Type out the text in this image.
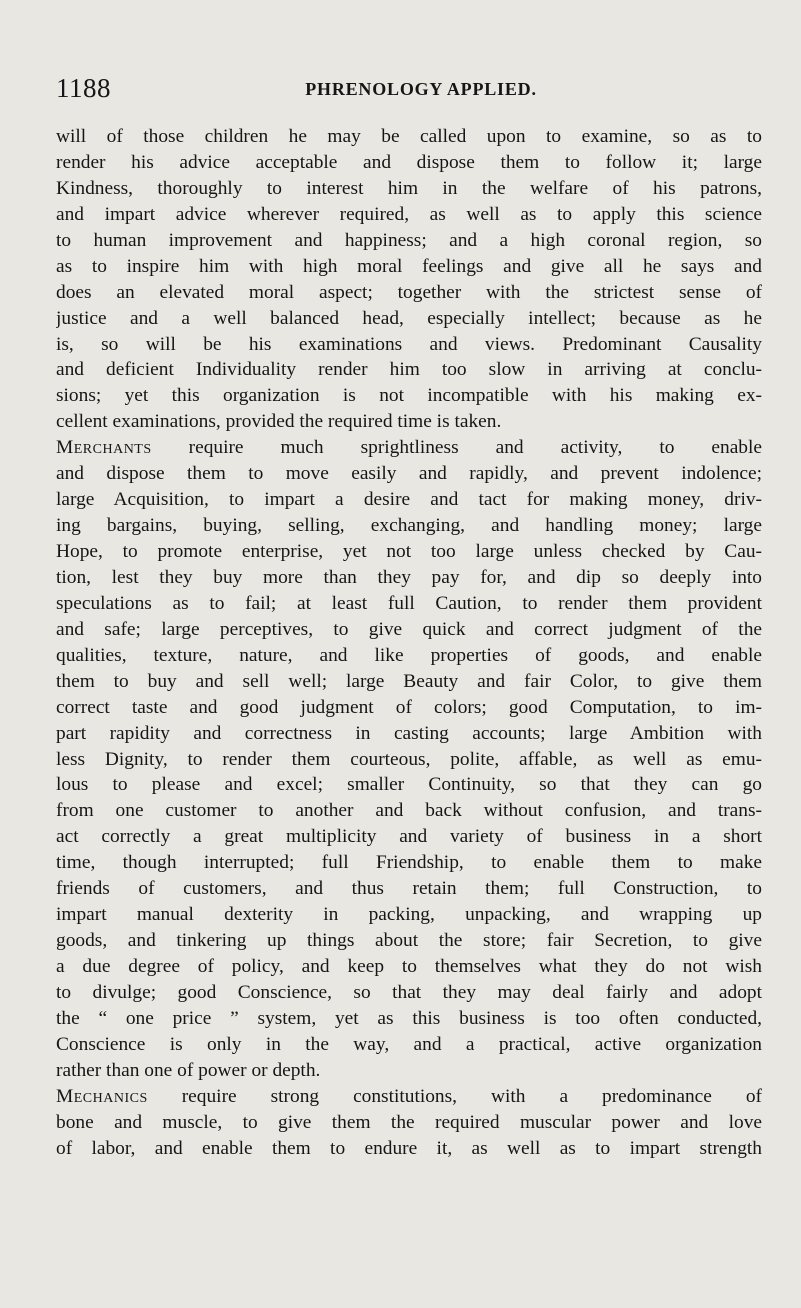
1188	PHRENOLOGY APPLIED.
will of those children he may be called upon to examine, so as to
render his advice acceptable and dispose them to follow it; large
Kindness, thoroughly to interest him in the welfare of his patrons,
and impart advice wherever required, as well as to apply this science
to human improvement and happiness; and a high coronal region, so
as to inspire him with high moral feelings and give all he says and
does an elevated moral aspect; together with the strictest sense of
justice and a well balanced head, especially intellect; because as he
is, so will be his examinations and views. Predominant Causality
and deficient Individuality render him too slow in arriving at conclu-
sions; yet this organization is not incompatible with his making ex-
cellent examinations, provided the required time is taken.
Merchants require much sprightliness and activity, to enable
and dispose them to move easily and rapidly, and prevent indolence;
large Acquisition, to impart a desire and tact for making money, driv-
ing bargains, buying, selling, exchanging, and handling money; large
Hope, to promote enterprise, yet not too large unless checked by Cau-
tion, lest they buy more than they pay for, and dip so deeply into
speculations as to fail; at least full Caution, to render them provident
and safe; large perceptives, to give quick and correct judgment of the
qualities, texture, nature, and like properties of goods, and enable
them to buy and sell well; large Beauty and fair Color, to give them
correct taste and good judgment of colors; good Computation, to im-
part rapidity and correctness in casting accounts; large Ambition with
less Dignity, to render them courteous, polite, affable, as well as emu-
lous to please and excel; smaller Continuity, so that they can go
from one customer to another and back without confusion, and trans-
act correctly a great multiplicity and variety of business in a short
time, though interrupted; full Friendship, to enable them to make
friends of customers, and thus retain them; full Construction, to
impart manual dexterity in packing, unpacking, and wrapping up
goods, and tinkering up things about the store; fair Secretion, to give
a due degree of policy, and keep to themselves what they do not wish
to divulge; good Conscience, so that they may deal fairly and adopt
the “ one price ” system, yet as this business is too often conducted,
Conscience is only in the way, and a practical, active organization
rather than one of power or depth.
Mechanics require strong constitutions, with a predominance of
bone and muscle, to give them the required muscular power and love
of labor, and enable them to endure it, as well as to impart strength
